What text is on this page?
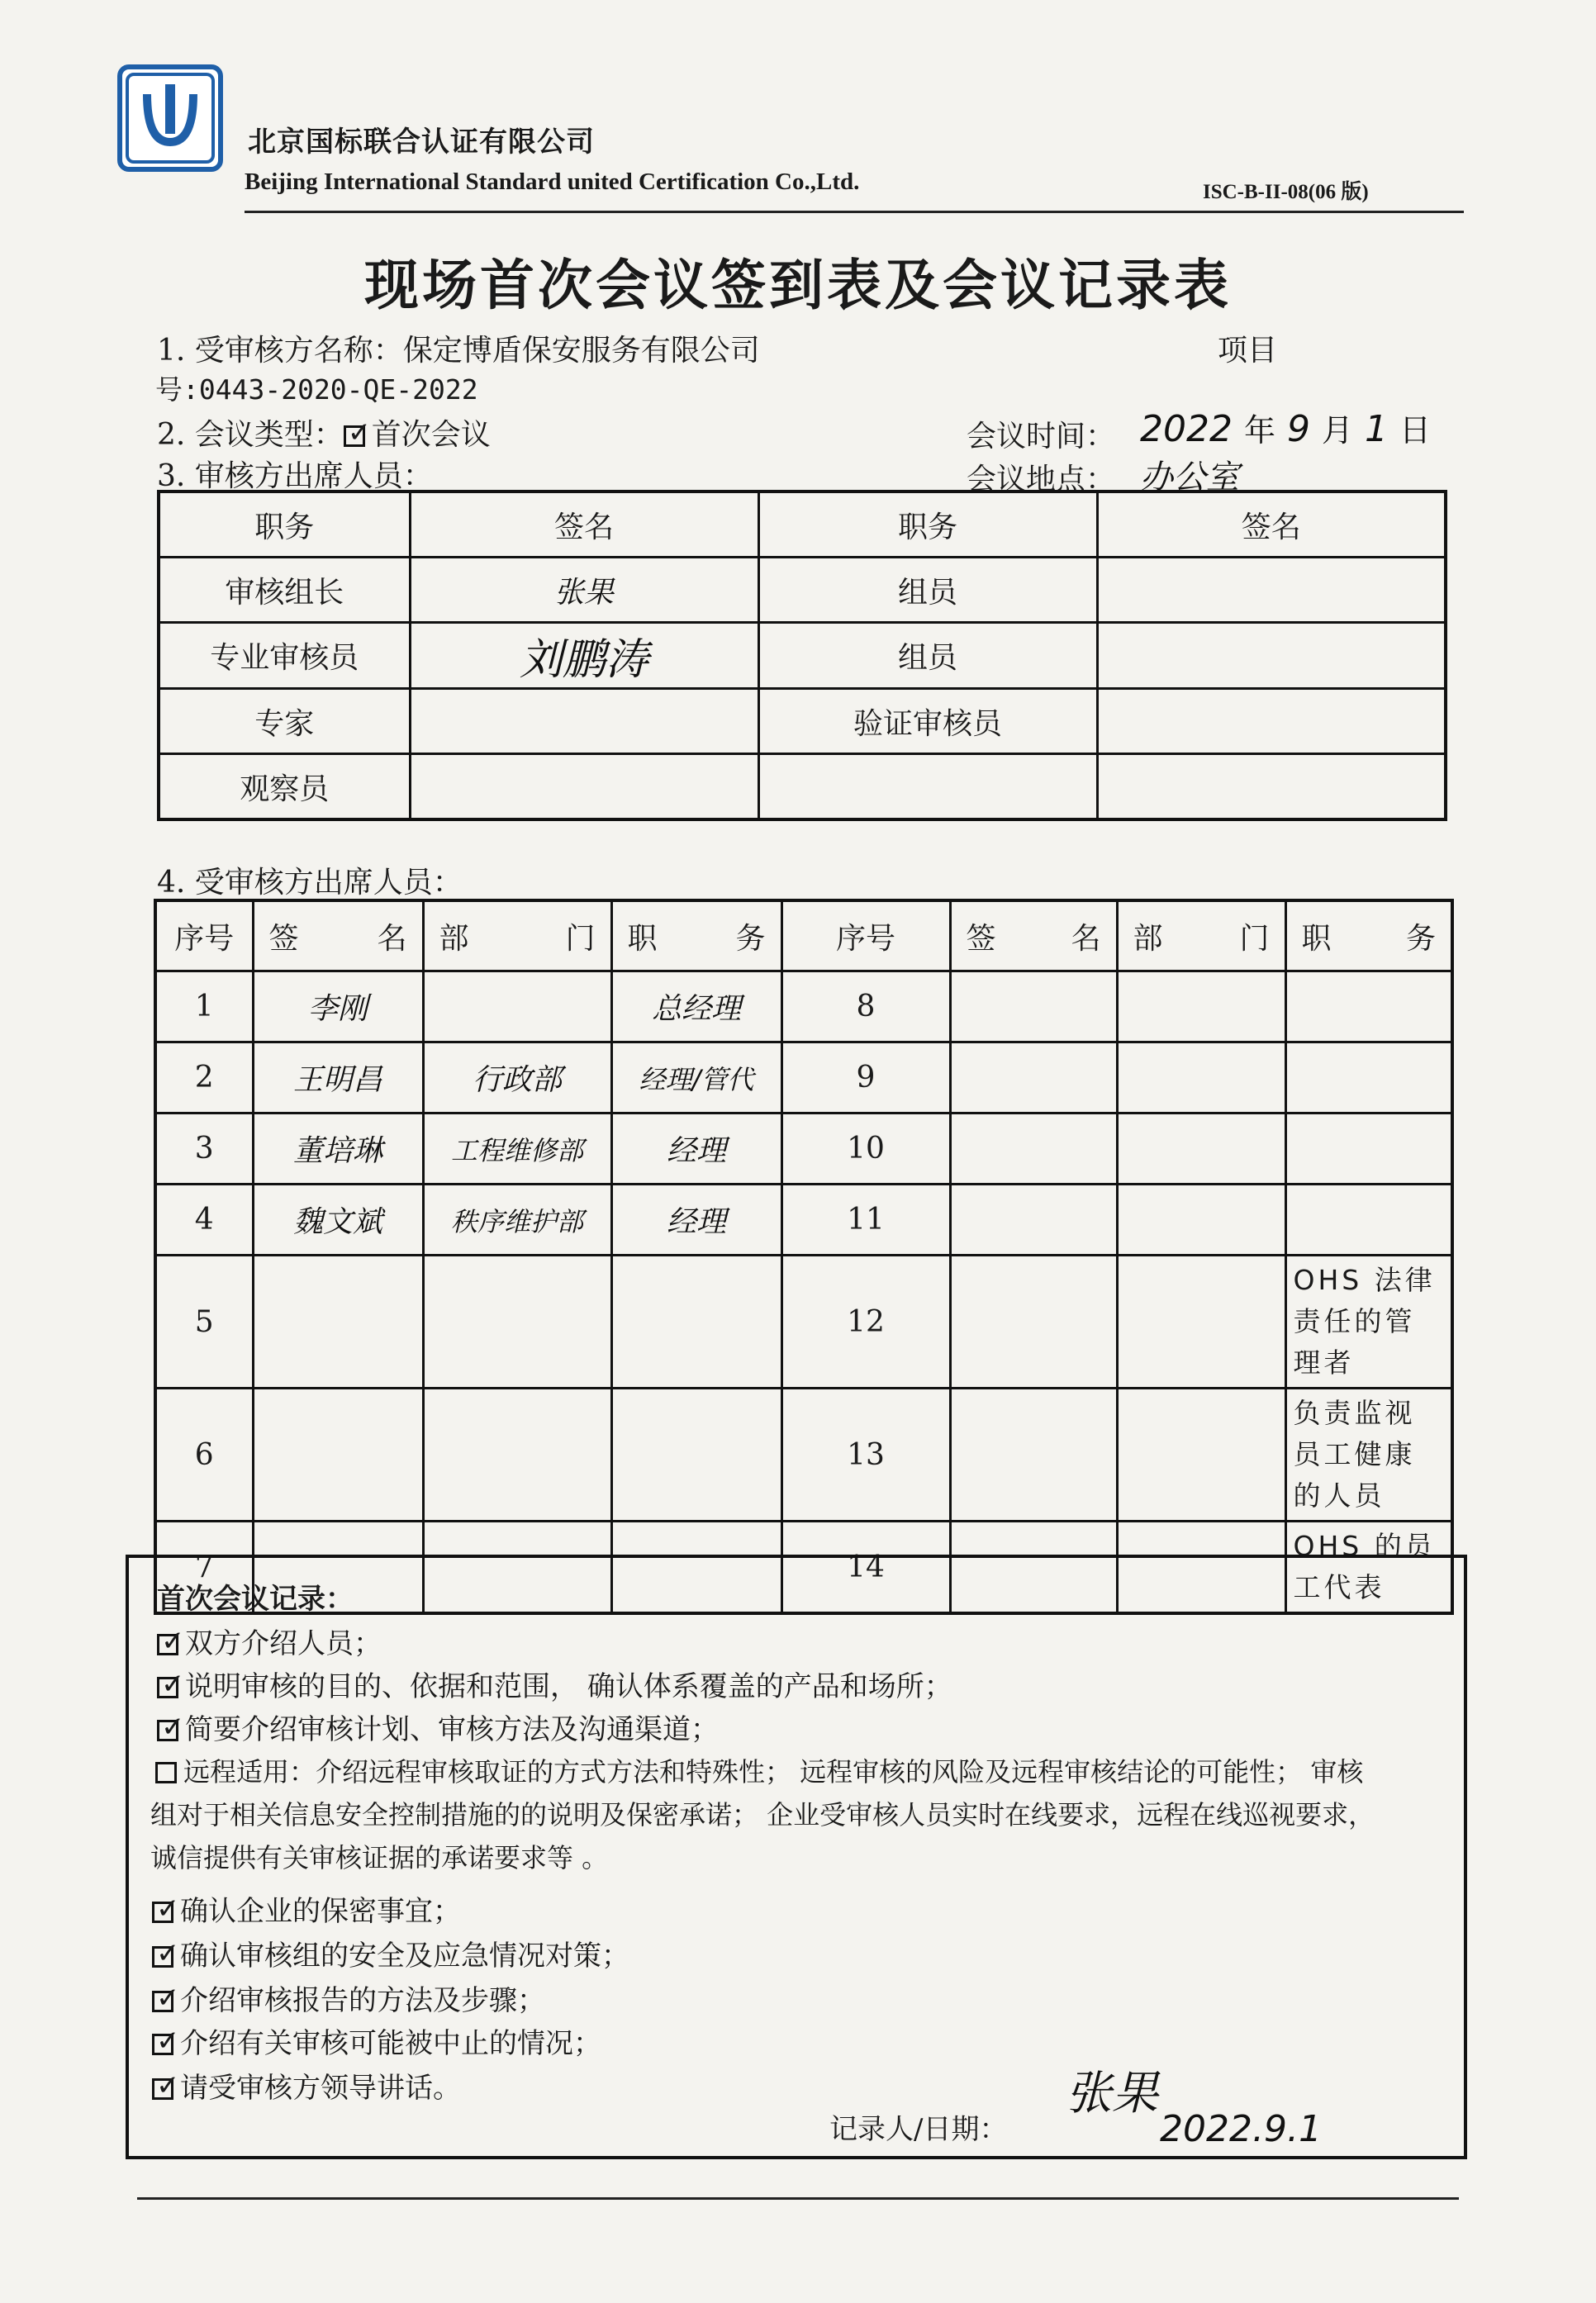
北京国标联合认证有限公司
Beijing International Standard united Certification Co.,Ltd.	ISC-B-II-08(06 版)
现场首次会议签到表及会议记录表
1. 受审核方名称：保定博盾保安服务有限公司	项目
号:0443-2020-QE-2022
2. 会议类型： ✓ 首次会议	会议时间： 2022 年 9 月 1 日
3. 审核方出席人员：	会议地点： 办公室
职务	签名	职务	签名
审核组长	张果	组员	
专业审核员	刘鹏涛	组员	
专家		验证审核员	
观察员			
4. 受审核方出席人员：
序号	签 名	部 门	职 务	序号	签 名	部 门	职 务

1	李刚		总经理	8			
2	王明昌	行政部	经理/管代	9			
3	董培琳	工程维修部	经理	10			
4	魏文斌	秩序维护部	经理	11			
5				12			OHS 法律责任的管理者
6				13			负责监视员工健康的人员
7				14			OHS 的员工代表
首次会议记录：
✓双方介绍人员；
✓说明审核的目的、依据和范围， 确认体系覆盖的产品和场所；
✓简要介绍审核计划、审核方法及沟通渠道；
远程适用：介绍远程审核取证的方式方法和特殊性； 远程审核的风险及远程审核结论的可能性； 审核
组对于相关信息安全控制措施的的说明及保密承诺； 企业受审核人员实时在线要求，远程在线巡视要求，
诚信提供有关审核证据的承诺要求等 。
✓确认企业的保密事宜；
✓确认审核组的安全及应急情况对策；
✓介绍审核报告的方法及步骤；
✓介绍有关审核可能被中止的情况；
✓请受审核方领导讲话。
记录人/日期：
张果
2022.9.1
